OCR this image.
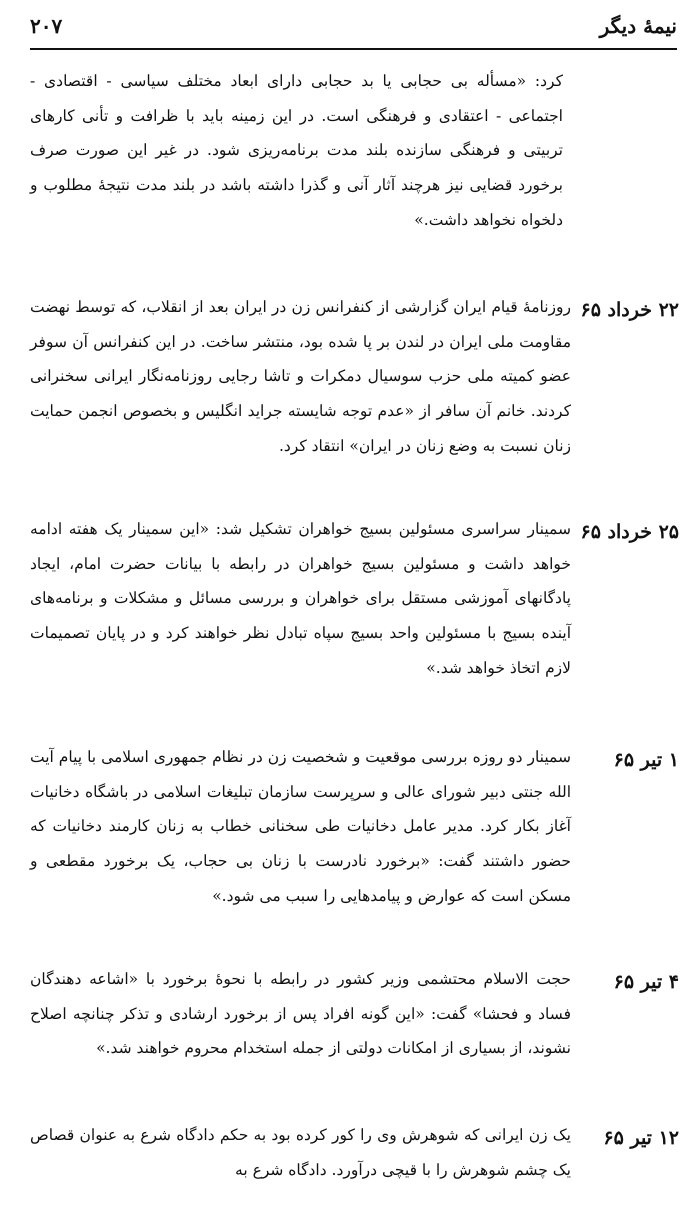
نیمهٔ دیگر
۲۰۷
کرد: «مسأله بی حجابی یا بد حجابی دارای ابعاد مختلف سیاسی - اقتصادی - اجتماعی - اعتقادی و فرهنگی است. در این زمینه باید با ظرافت و تأنی کارهای تربیتی و فرهنگی سازنده بلند مدت برنامه‌ریزی شود. در غیر این صورت صرف برخورد قضایی نیز هرچند آثار آنی و گذرا داشته باشد در بلند مدت نتیجهٔ مطلوب و دلخواه نخواهد داشت.»
۲۲ خرداد ۶۵
روزنامهٔ قیام ایران گزارشی از کنفرانس زن در ایران بعد از انقلاب، که توسط نهضت مقاومت ملی ایران در لندن بر پا شده بود، منتشر ساخت. در این کنفرانس آن سوفر عضو کمیته ملی حزب سوسیال دمکرات و تاشا رجایی روزنامه‌نگار ایرانی سخنرانی کردند. خانم آن سافر از «عدم توجه شایسته جراید انگلیس و بخصوص انجمن حمایت زنان نسبت به وضع زنان در ایران» انتقاد کرد.
۲۵ خرداد ۶۵
سمینار سراسری مسئولین بسیج خواهران تشکیل شد: «این سمینار یک هفته ادامه خواهد داشت و مسئولین بسیج خواهران در رابطه با بیانات حضرت امام، ایجاد پادگانهای آموزشی مستقل برای خواهران و بررسی مسائل و مشکلات و برنامه‌های آینده بسیج با مسئولین واحد بسیج سپاه تبادل نظر خواهند کرد و در پایان تصمیمات لازم اتخاذ خواهد شد.»
۱ تیر ۶۵
سمینار دو روزه بررسی موقعیت و شخصیت زن در نظام جمهوری اسلامی با پیام آیت الله جنتی دبیر شورای عالی و سرپرست سازمان تبلیغات اسلامی در باشگاه دخانیات آغاز بکار کرد. مدیر عامل دخانیات طی سخنانی خطاب به زنان کارمند دخانیات که حضور داشتند گفت: «برخورد نادرست با زنان بی حجاب، یک برخورد مقطعی و مسکن است که عوارض و پیامدهایی را سبب می شود.»
۴ تیر ۶۵
حجت الاسلام محتشمی وزیر کشور در رابطه با نحوهٔ برخورد با «اشاعه دهندگان فساد و فحشا» گفت: «این گونه افراد پس از برخورد ارشادی و تذکر چنانچه اصلاح نشوند، از بسیاری از امکانات دولتی از جمله استخدام محروم خواهند شد.»
۱۲ تیر ۶۵
یک زن ایرانی که شوهرش وی را کور کرده بود به حکم دادگاه شرع به عنوان قصاص یک چشم شوهرش را با قیچی درآورد. دادگاه شرع به
